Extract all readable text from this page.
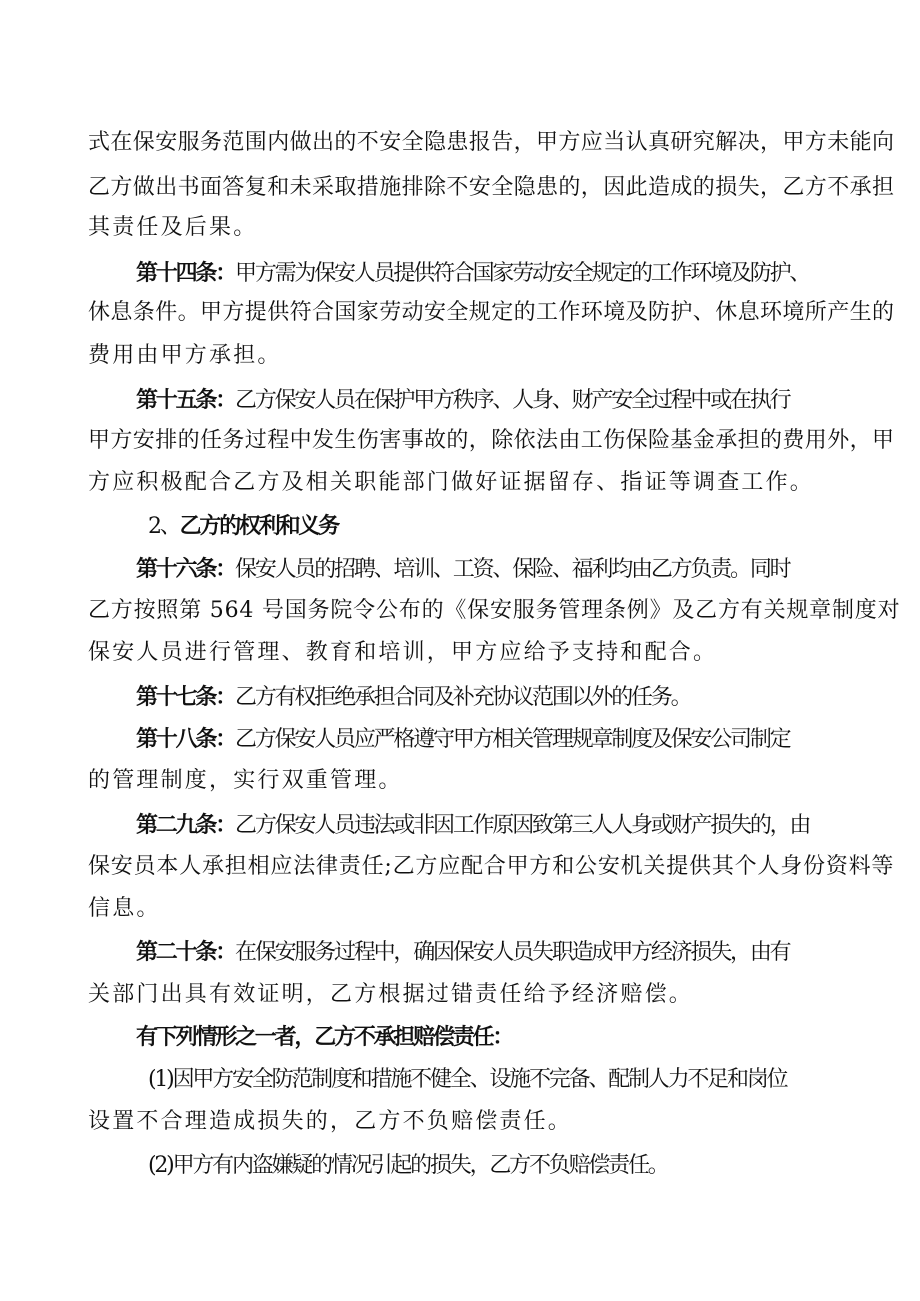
式在保安服务范围内做出的不安全隐患报告，甲方应当认真研究解决，甲方未能向
乙方做出书面答复和未采取措施排除不安全隐患的，因此造成的损失，乙方不承担
其责任及后果。
第十四条：甲方需为保安人员提供符合国家劳动安全规定的工作环境及防护、
休息条件。甲方提供符合国家劳动安全规定的工作环境及防护、休息环境所产生的
费用由甲方承担。
第十五条：乙方保安人员在保护甲方秩序、人身、财产安全过程中或在执行
甲方安排的任务过程中发生伤害事故的，除依法由工伤保险基金承担的费用外，甲
方应积极配合乙方及相关职能部门做好证据留存、指证等调查工作。
2、乙方的权利和义务
第十六条：保安人员的招聘、培训、工资、保险、福利均由乙方负责。同时
乙方按照第 564 号国务院令公布的《保安服务管理条例》及乙方有关规章制度对
保安人员进行管理、教育和培训，甲方应给予支持和配合。
第十七条：乙方有权拒绝承担合同及补充协议范围以外的任务。
第十八条：乙方保安人员应严格遵守甲方相关管理规章制度及保安公司制定
的管理制度，实行双重管理。
第二九条：乙方保安人员违法或非因工作原因致第三人人身或财产损失的，由
保安员本人承担相应法律责任;乙方应配合甲方和公安机关提供其个人身份资料等
信息。
第二十条：在保安服务过程中，确因保安人员失职造成甲方经济损失，由有
关部门出具有效证明，乙方根据过错责任给予经济赔偿。
有下列情形之一者，乙方不承担赔偿责任：
(1)因甲方安全防范制度和措施不健全、设施不完备、配制人力不足和岗位
设置不合理造成损失的，乙方不负赔偿责任。
(2)甲方有内盗嫌疑的情况引起的损失，乙方不负赔偿责任。
